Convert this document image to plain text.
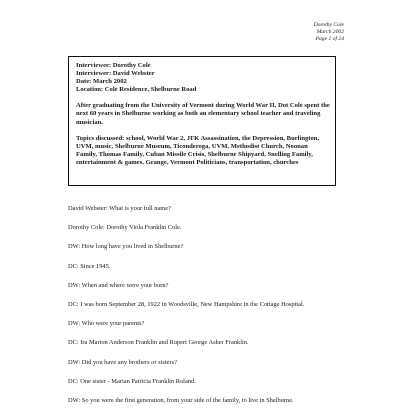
Dorothy Cole
March 2002
Page 1 of 24
Interviewee: Dorothy Cole
Interviewer: David Webster
Date: March 2002
Location: Cole Residence, Shelburne Road

After graduating from the University of Vermont during World War II, Dot Cole spent the next 60 years in Shelburne working as both an elementary school teacher and traveling musician.

Topics discussed: school, World War 2, JFK Assassination, the Depression, Burlington, UVM, music, Shelburne Museum, Ticonderoga, UVM, Methodist Church, Noonan Family, Thomas Family, Cuban Missile Crisis, Shelburne Shipyard, Snelling Family, entertainment & games, Grange, Vermont Politicians, transportation, churches

David Webster: What is your full name?

Dorothy Cole: Dorothy Viola Franklin Cole.

DW: How long have you lived in Shelburne?

DC: Since 1945.

DW: When and where were your born?

DC: I was born September 28, 1922 in Woodsville, New Hampshire in the Cottage Hospital.

DW: Who were your parents?

DC: Ira Marion Anderson Franklin and Rupert George Asher Franklin.

DW: Did you have any brothers or sisters?

DC: One sister - Marian Patricia Franklin Roland.

DW: So you were the first generation, from your side of the family, to live in Shelburne.
